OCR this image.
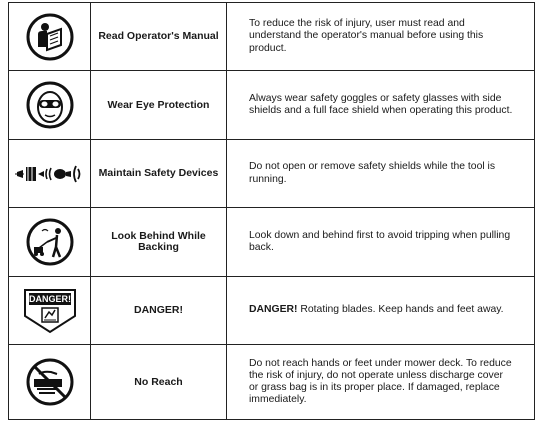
Read Operator's Manual
To reduce the risk of injury, user must read and understand the operator's manual before using this product.
Wear Eye Protection
Always wear safety goggles or safety glasses with side shields and a full face shield when operating this product.
Maintain Safety Devices
Do not open or remove safety shields while the tool is running.
Look Behind While Backing
Look down and behind first to avoid tripping when pulling back.
DANGER!
DANGER!	DANGER! Rotating blades. Keep hands and feet away.
No Reach
Do not reach hands or feet under mower deck. To reduce the risk of injury, do not operate unless discharge cover or grass bag is in its proper place. If damaged, replace immediately.
